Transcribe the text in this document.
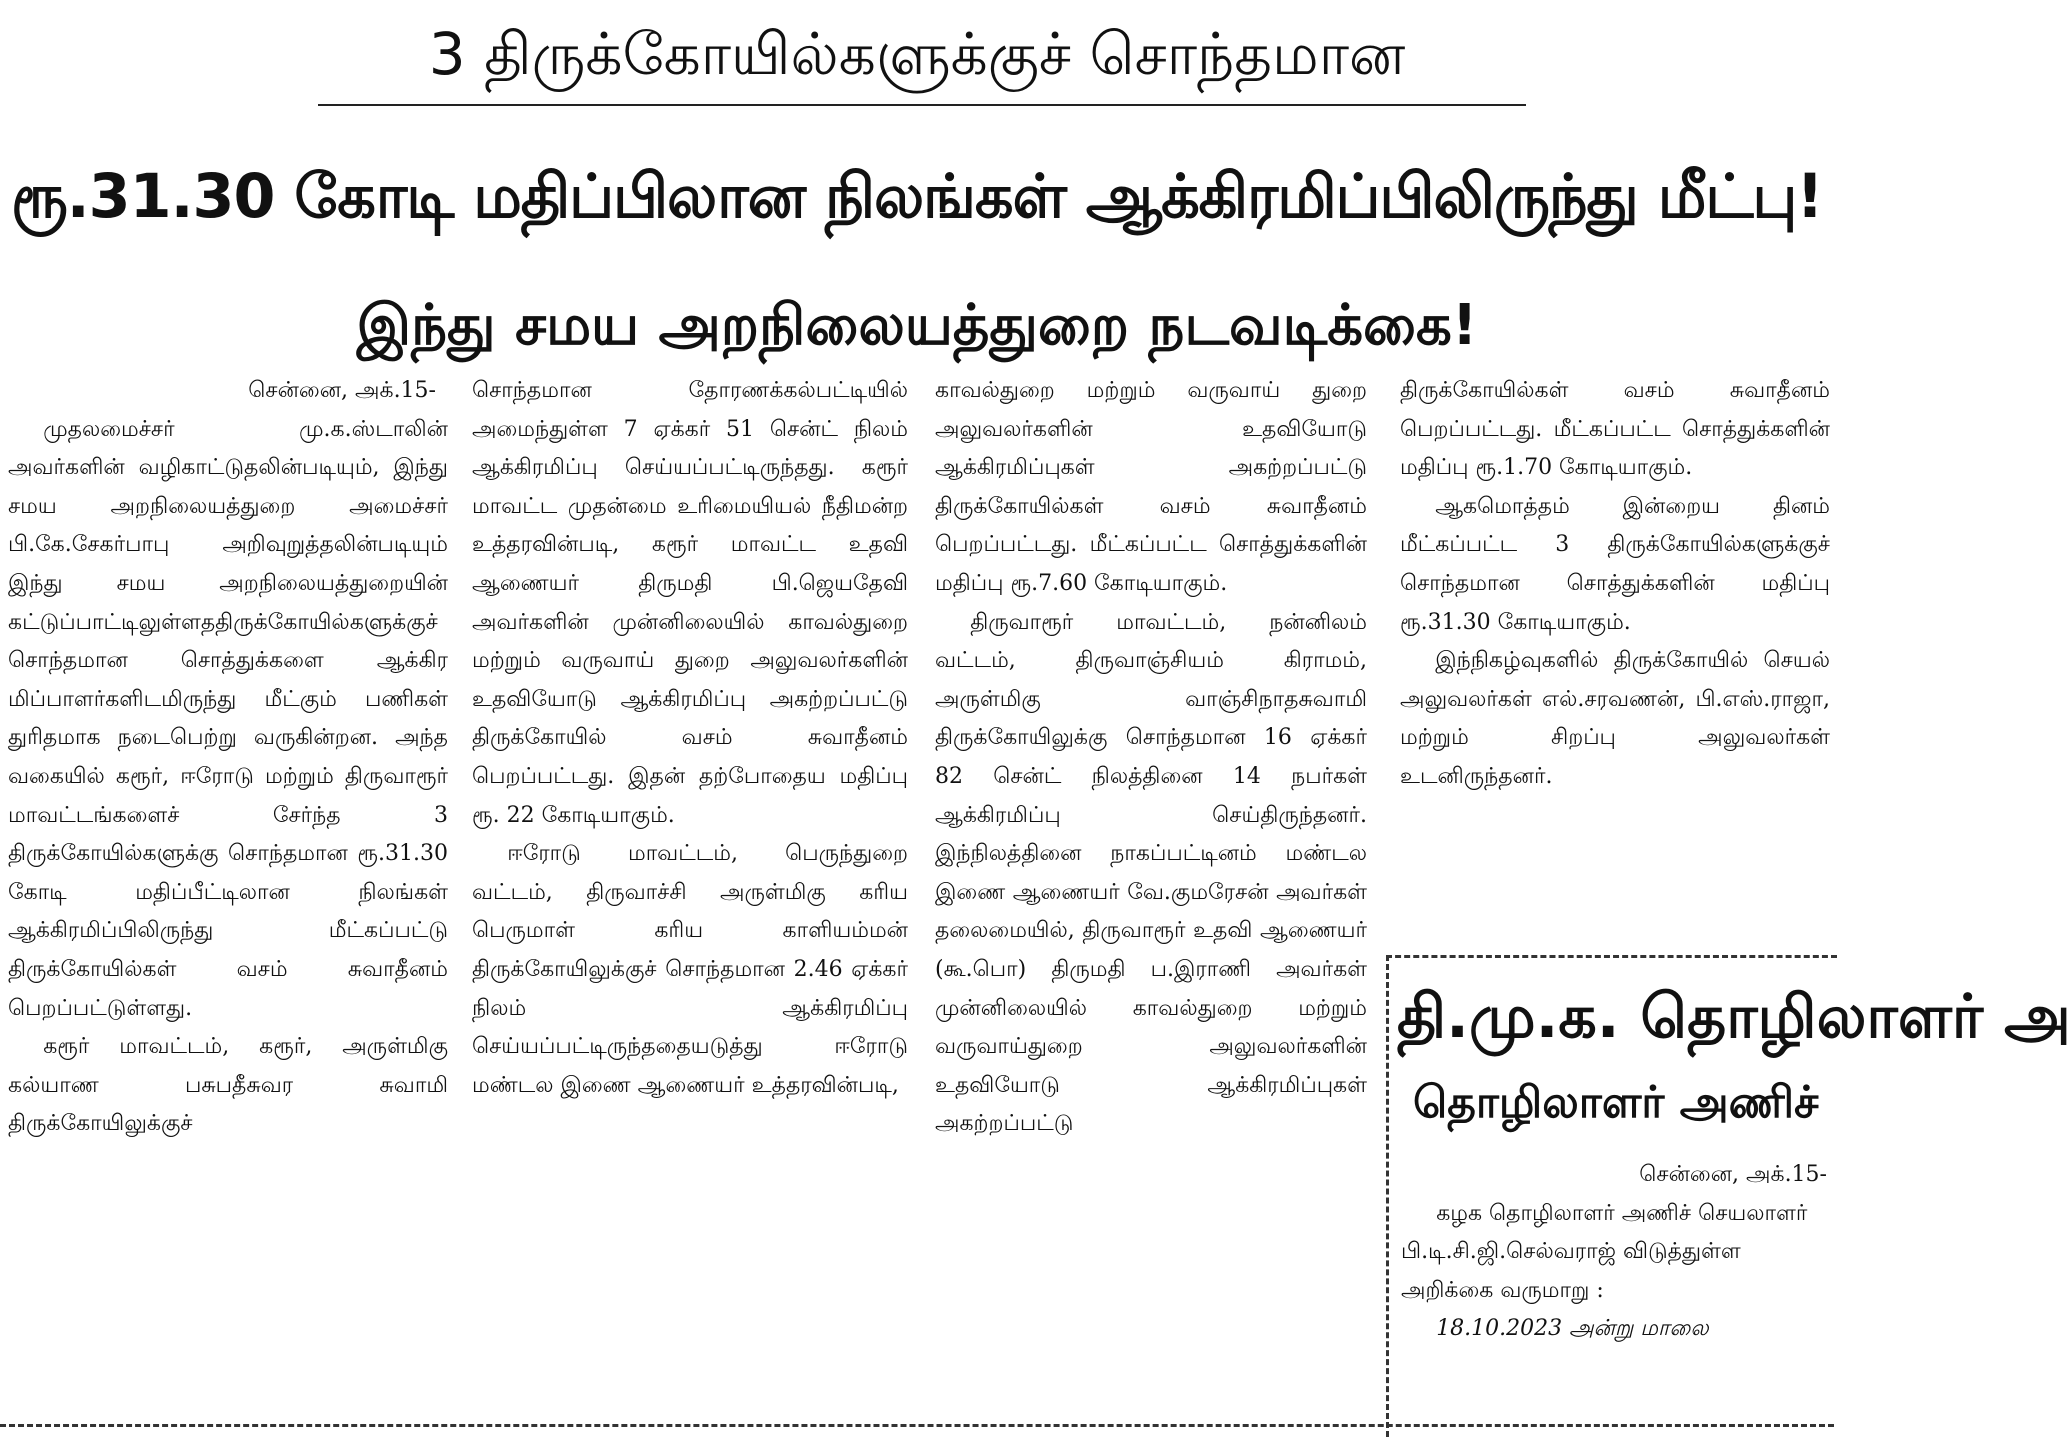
3 திருக்கோயில்களுக்குச் சொந்தமான
ரூ.31.30 கோடி மதிப்பிலான நிலங்கள் ஆக்கிரமிப்பிலிருந்து மீட்பு!
இந்து சமய அறநிலையத்துறை நடவடிக்கை!

சென்னை, அக்.15-

முதலமைச்சர் மு.க.ஸ்டாலின் அவர்களின் வழிகாட்டுதலின்படியும், இந்து சமய அறநிலையத்துறை அமைச்சர் பி.கே.சேகர்பாபு அறிவுறுத்தலின்படியும் இந்து சமய அறநிலையத்துறையின் கட்டுப்பாட்டிலுள்ளததிருக்கோயில்களுக்குச் சொந்தமான சொத்துக்களை ஆக்கிர மிப்பாளர்களிடமிருந்து மீட்கும் பணிகள் துரிதமாக நடைபெற்று வருகின்றன. அந்த வகையில் கரூர், ஈரோடு மற்றும் திருவாரூர் மாவட்டங்களைச் சேர்ந்த 3 திருக்கோயில்களுக்கு சொந்தமான ரூ.31.30 கோடி மதிப்பீட்டிலான நிலங்கள் ஆக்கிரமிப்பிலிருந்து மீட்கப்பட்டு திருக்கோயில்கள் வசம் சுவாதீனம் பெறப்பட்டுள்ளது.

கரூர் மாவட்டம், கரூர், அருள்மிகு கல்யாண பசுபதீசுவர சுவாமி திருக்கோயிலுக்குச்

சொந்தமான தோரணக்கல்பட்டியில் அமைந்துள்ள 7 ஏக்கர் 51 சென்ட் நிலம் ஆக்கிரமிப்பு செய்யப்பட்டிருந்தது. கரூர் மாவட்ட முதன்மை உரிமையியல் நீதிமன்ற உத்தரவின்படி, கரூர் மாவட்ட உதவி ஆணையர் திருமதி பி.ஜெயதேவி அவர்களின் முன்னிலையில் காவல்துறை மற்றும் வருவாய் துறை அலுவலர்களின் உதவியோடு ஆக்கிரமிப்பு அகற்றப்பட்டு திருக்கோயில் வசம் சுவாதீனம் பெறப்பட்டது. இதன் தற்போதைய மதிப்பு ரூ. 22 கோடியாகும்.

ஈரோடு மாவட்டம், பெருந்துறை வட்டம், திருவாச்சி அருள்மிகு கரிய பெருமாள் கரிய காளியம்மன் திருக்கோயிலுக்குச் சொந்தமான 2.46 ஏக்கர் நிலம் ஆக்கிரமிப்பு செய்யப்பட்டிருந்ததையடுத்து ஈரோடு மண்டல இணை ஆணையர் உத்தரவின்படி,

காவல்துறை மற்றும் வருவாய் துறை அலுவலர்களின் உதவியோடு ஆக்கிரமிப்புகள் அகற்றப்பட்டு திருக்கோயில்கள் வசம் சுவாதீனம் பெறப்பட்டது. மீட்கப்பட்ட சொத்துக்களின் மதிப்பு ரூ.7.60 கோடியாகும்.

திருவாரூர் மாவட்டம், நன்னிலம் வட்டம், திருவாஞ்சியம் கிராமம், அருள்மிகு வாஞ்சிநாதசுவாமி திருக்கோயிலுக்கு சொந்தமான 16 ஏக்கர் 82 சென்ட் நிலத்தினை 14 நபர்கள் ஆக்கிரமிப்பு செய்திருந்தனர். இந்நிலத்தினை நாகப்பட்டினம் மண்டல இணை ஆணையர் வே.குமரேசன் அவர்கள் தலைமையில், திருவாரூர் உதவி ஆணையர் (கூ.பொ) திருமதி ப.இராணி அவர்கள் முன்னிலையில் காவல்துறை மற்றும் வருவாய்துறை அலுவலர்களின் உதவியோடு ஆக்கிரமிப்புகள் அகற்றப்பட்டு

திருக்கோயில்கள் வசம் சுவாதீனம் பெறப்பட்டது. மீட்கப்பட்ட சொத்துக்களின் மதிப்பு ரூ.1.70 கோடியாகும்.

ஆகமொத்தம் இன்றைய தினம் மீட்கப்பட்ட 3 திருக்கோயில்களுக்குச் சொந்தமான சொத்துக்களின் மதிப்பு ரூ.31.30 கோடியாகும்.

இந்நிகழ்வுகளில் திருக்கோயில் செயல் அலுவலர்கள் எல்.சரவணன், பி.எஸ்.ராஜா, மற்றும் சிறப்பு அலுவலர்கள் உடனிருந்தனர்.

தி.மு.க. தொழிலாளர் அ
தொழிலாளர் அணிச்

சென்னை, அக்.15-

கழக தொழிலாளர் அணிச் செயலாளர் பி.டி.சி.ஜி.செல்வராஜ் விடுத்துள்ள அறிக்கை வருமாறு :

18.10.2023 அன்று மாலை
